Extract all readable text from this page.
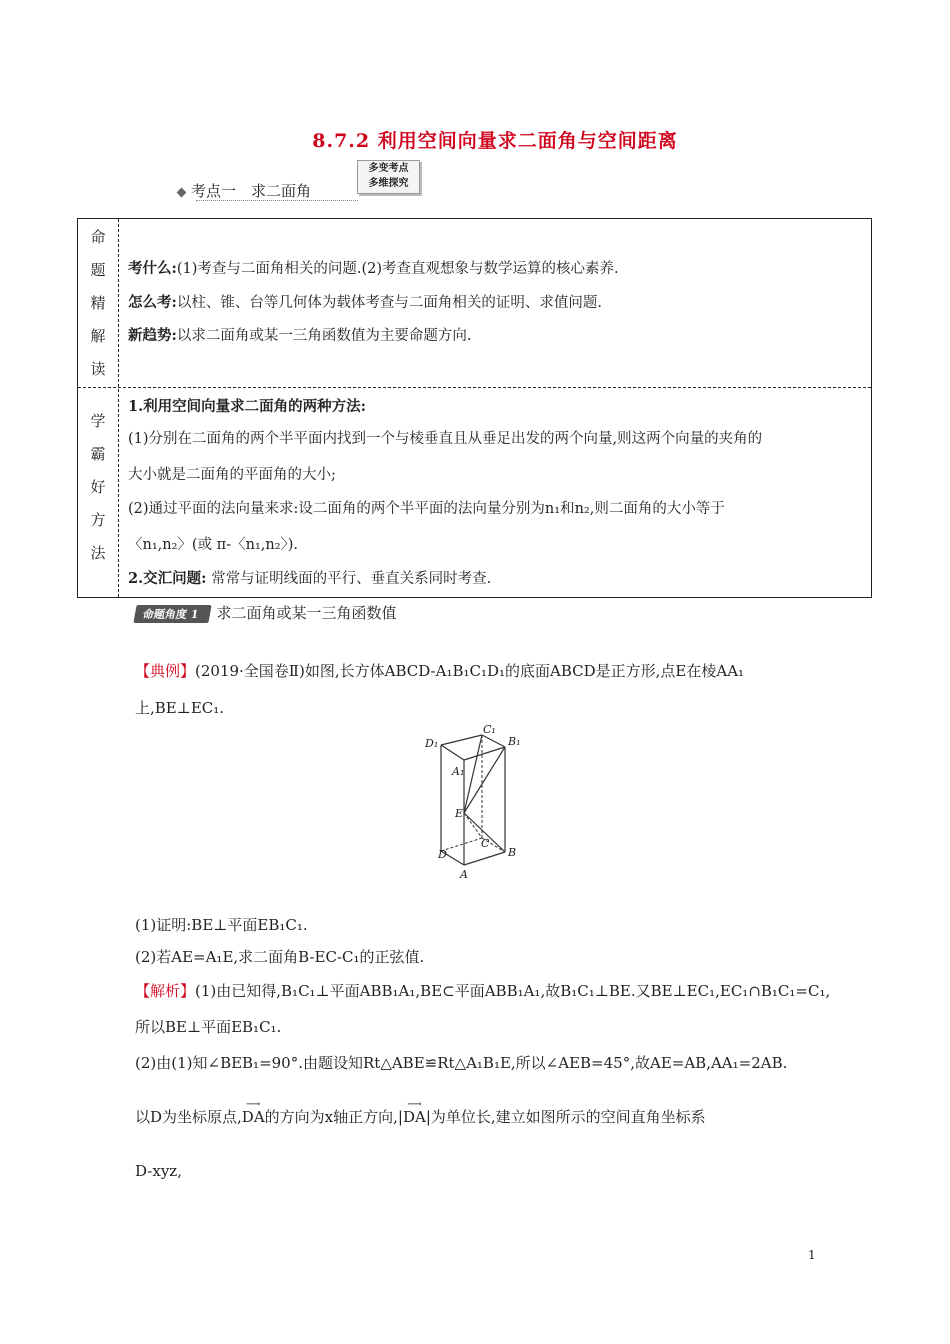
8.7.2 利用空间向量求二面角与空间距离
考点一　求二面角
多变考点
多维探究
命
题
精
解
读
考什么:(1)考查与二面角相关的问题.(2)考查直观想象与数学运算的核心素养.
怎么考:以柱、锥、台等几何体为载体考查与二面角相关的证明、求值问题.
新趋势:以求二面角或某一三角函数值为主要命题方向.
学
霸
好
方
法
1.利用空间向量求二面角的两种方法:
(1)分别在二面角的两个半平面内找到一个与棱垂直且从垂足出发的两个向量,则这两个向量的夹角的
大小就是二面角的平面角的大小;
(2)通过平面的法向量来求:设二面角的两个半平面的法向量分别为n₁和n₂,则二面角的大小等于
〈n₁,n₂〉(或 π-〈n₁,n₂〉).
2.交汇问题: 常常与证明线面的平行、垂直关系同时考查.
命题角度 1 求二面角或某一三角函数值
【典例】(2019·全国卷Ⅱ)如图,长方体ABCD-A₁B₁C₁D₁的底面ABCD是正方形,点E在棱AA₁
上,BE⊥EC₁.
D₁
C₁
B₁
A₁
E
D
C
B
A
(1)证明:BE⊥平面EB₁C₁.
(2)若AE=A₁E,求二面角B-EC-C₁的正弦值.
【解析】(1)由已知得,B₁C₁⊥平面ABB₁A₁,BE⊂平面ABB₁A₁,故B₁C₁⊥BE.又BE⊥EC₁,EC₁∩B₁C₁=C₁,
所以BE⊥平面EB₁C₁.
(2)由(1)知∠BEB₁=90°.由题设知Rt△ABE≌Rt△A₁B₁E,所以∠AEB=45°,故AE=AB,AA₁=2AB.
以D为坐标原点,
⟶
DA的方向为x轴正方向,|
⟶
DA|为单位长,建立如图所示的空间直角坐标系
D-xyz,
1
